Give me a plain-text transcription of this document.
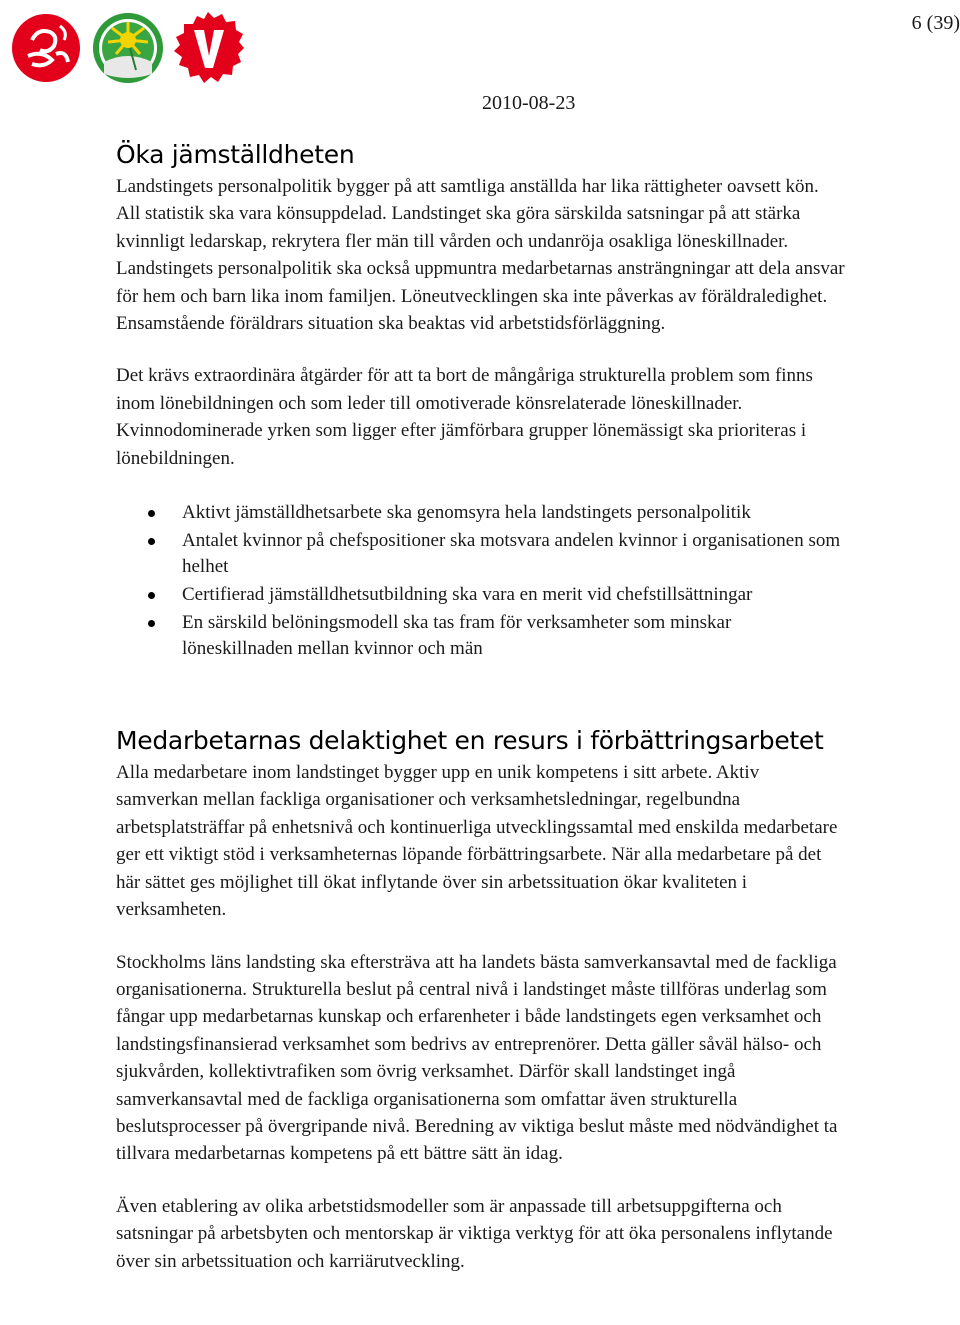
6 (39)
2010-08-23
Öka jämställdheten

Landstingets personalpolitik bygger på att samtliga anställda har lika rättigheter oavsett kön. All statistik ska vara könsuppdelad. Landstinget ska göra särskilda satsningar på att stärka kvinnligt ledarskap, rekrytera fler män till vården och undanröja osakliga löneskillnader. Landstingets personalpolitik ska också uppmuntra medarbetarnas ansträngningar att dela ansvar för hem och barn lika inom familjen. Löneutvecklingen ska inte påverkas av föräldraledighet. Ensamstående föräldrars situation ska beaktas vid arbetstidsförläggning.

Det krävs extraordinära åtgärder för att ta bort de mångåriga strukturella problem som finns inom lönebildningen och som leder till omotiverade könsrelaterade löneskillnader. Kvinnodominerade yrken som ligger efter jämförbara grupper lönemässigt ska prioriteras i lönebildningen.

Aktivt jämställdhetsarbete ska genomsyra hela landstingets personalpolitik
Antalet kvinnor på chefspositioner ska motsvara andelen kvinnor i organisationen som helhet
Certifierad jämställdhetsutbildning ska vara en merit vid chefstillsättningar
En särskild belöningsmodell ska tas fram för verksamheter som minskar löneskillnaden mellan kvinnor och män
Medarbetarnas delaktighet en resurs i förbättringsarbetet

Alla medarbetare inom landstinget bygger upp en unik kompetens i sitt arbete. Aktiv samverkan mellan fackliga organisationer och verksamhetsledningar, regelbundna arbetsplatsträffar på enhetsnivå och kontinuerliga utvecklingssamtal med enskilda medarbetare ger ett viktigt stöd i verksamheternas löpande förbättringsarbete. När alla medarbetare på det här sättet ges möjlighet till ökat inflytande över sin arbetssituation ökar kvaliteten i verksamheten.

Stockholms läns landsting ska eftersträva att ha landets bästa samverkansavtal med de fackliga organisationerna. Strukturella beslut på central nivå i landstinget måste tillföras underlag som fångar upp medarbetarnas kunskap och erfarenheter i både landstingets egen verksamhet och landstingsfinansierad verksamhet som bedrivs av entreprenörer. Detta gäller såväl hälso- och sjukvården, kollektivtrafiken som övrig verksamhet. Därför skall landstinget ingå samverkansavtal med de fackliga organisationerna som omfattar även strukturella beslutsprocesser på övergripande nivå. Beredning av viktiga beslut måste med nödvändighet ta tillvara medarbetarnas kompetens på ett bättre sätt än idag.

Även etablering av olika arbetstidsmodeller som är anpassade till arbetsuppgifterna och satsningar på arbetsbyten och mentorskap är viktiga verktyg för att öka personalens inflytande över sin arbetssituation och karriärutveckling.
